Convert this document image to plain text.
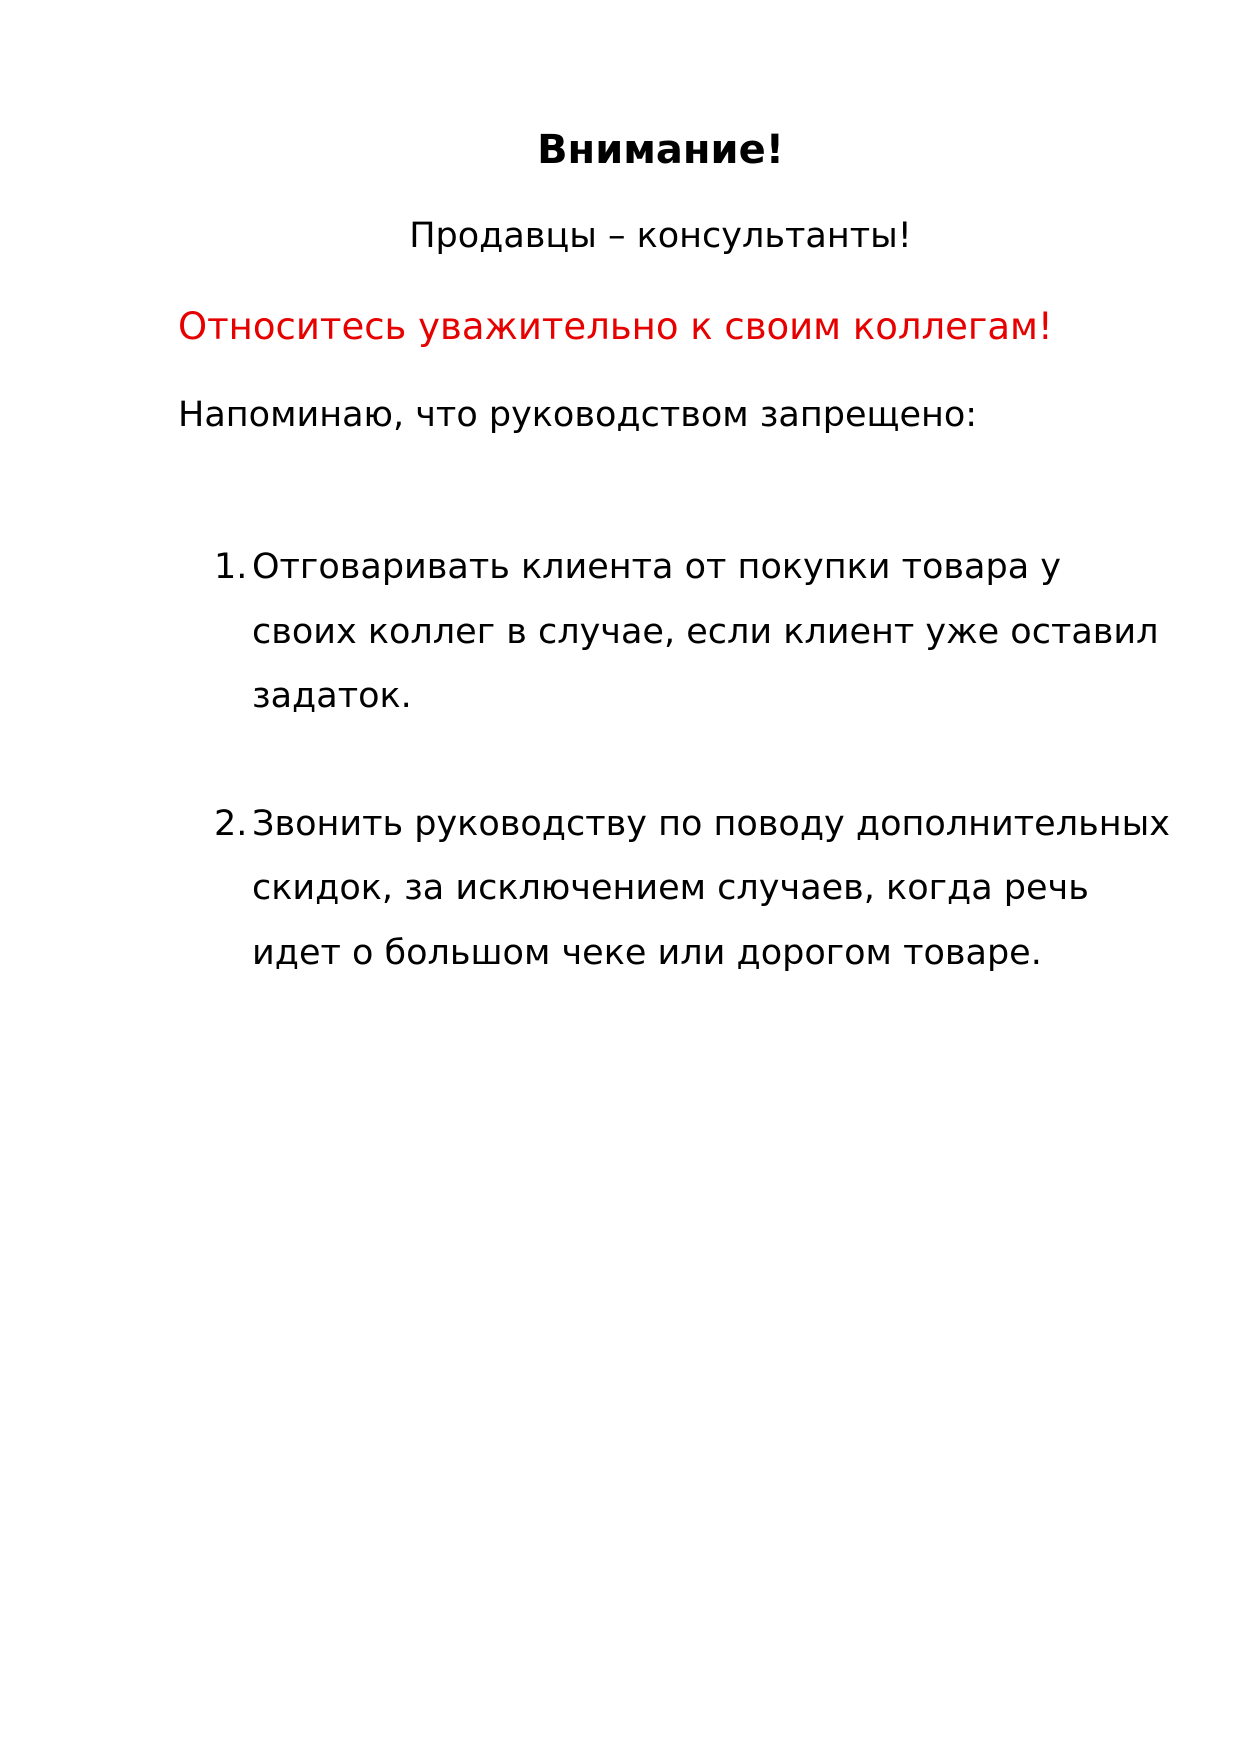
Внимание!
Продавцы – консультанты!
Относитесь уважительно к своим коллегам!
Напоминаю, что руководством запрещено:
1. Отговаривать клиента от покупки товара у своих коллег в случае, если клиент уже оставил задаток.
2. Звонить руководству по поводу дополнительных скидок, за исключением случаев, когда речь идет о большом чеке или дорогом товаре.
